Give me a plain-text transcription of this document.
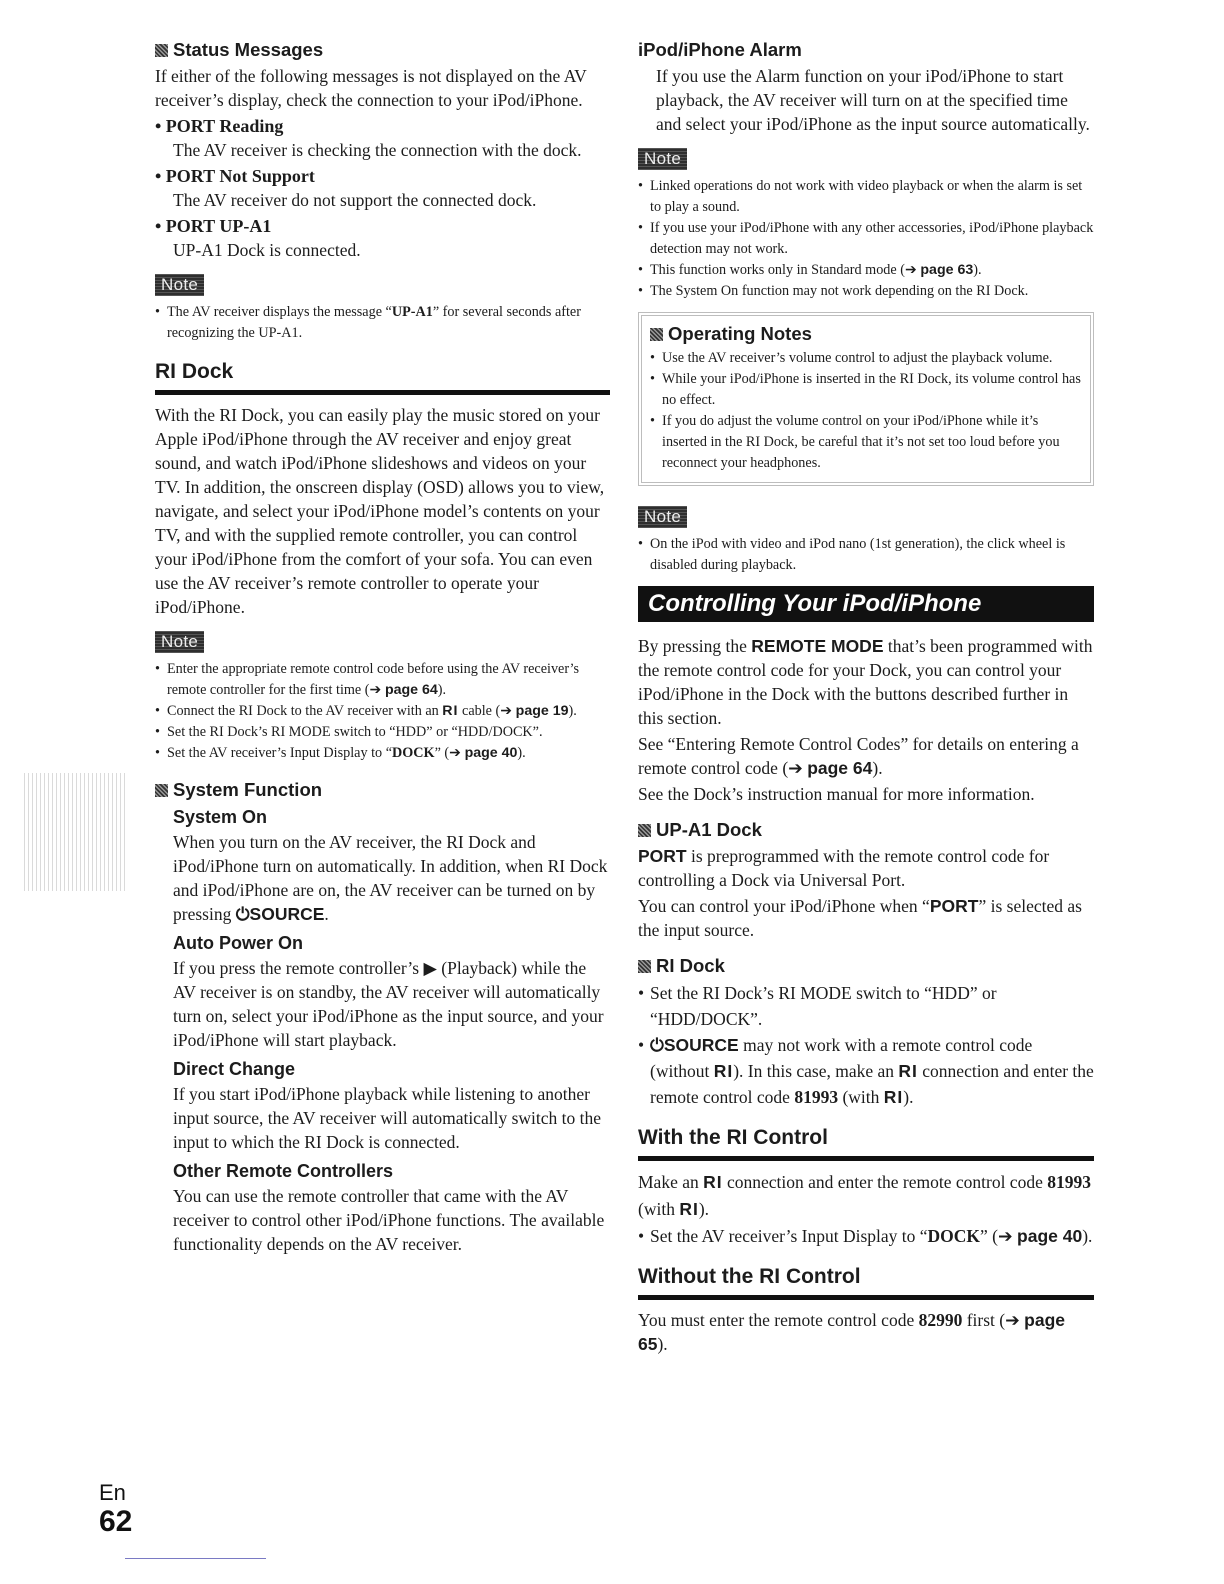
Status Messages

If either of the following messages is not displayed on the AV receiver’s display, check the connection to your iPod/iPhone.

• PORT Reading
The AV receiver is checking the connection with the dock.
• PORT Not Support
The AV receiver do not support the connected dock.
• PORT UP-A1
UP-A1 Dock is connected.
Note
• The AV receiver displays the message “UP-A1” for several seconds after recognizing the UP-A1.
RI Dock

With the RI Dock, you can easily play the music stored on your Apple iPod/iPhone through the AV receiver and enjoy great sound, and watch iPod/iPhone slideshows and videos on your TV. In addition, the onscreen display (OSD) allows you to view, navigate, and select your iPod/iPhone model’s contents on your TV, and with the supplied remote controller, you can control your iPod/iPhone from the comfort of your sofa. You can even use the AV receiver’s remote controller to operate your iPod/iPhone.

Note
• Enter the appropriate remote control code before using the AV receiver’s remote controller for the first time (➔ page 64).
• Connect the RI Dock to the AV receiver with an RI cable (➔ page 19).
• Set the RI Dock’s RI MODE switch to “HDD” or “HDD/DOCK”.
• Set the AV receiver’s Input Display to “DOCK” (➔ page 40).
System Function
System On

When you turn on the AV receiver, the RI Dock and iPod/iPhone turn on automatically. In addition, when RI Dock and iPod/iPhone are on, the AV receiver can be turned on by pressing ⏻SOURCE.

Auto Power On

If you press the remote controller’s ▶ (Playback) while the AV receiver is on standby, the AV receiver will automatically turn on, select your iPod/iPhone as the input source, and your iPod/iPhone will start playback.

Direct Change

If you start iPod/iPhone playback while listening to another input source, the AV receiver will automatically switch to the input to which the RI Dock is connected.

Other Remote Controllers

You can use the remote controller that came with the AV receiver to control other iPod/iPhone functions. The available functionality depends on the AV receiver.

iPod/iPhone Alarm

If you use the Alarm function on your iPod/iPhone to start playback, the AV receiver will turn on at the specified time and select your iPod/iPhone as the input source automatically.

Note
• Linked operations do not work with video playback or when the alarm is set to play a sound.
• If you use your iPod/iPhone with any other accessories, iPod/iPhone playback detection may not work.
• This function works only in Standard mode (➔ page 63).
• The System On function may not work depending on the RI Dock.
Operating Notes
• Use the AV receiver’s volume control to adjust the playback volume.
• While your iPod/iPhone is inserted in the RI Dock, its volume control has no effect.
• If you do adjust the volume control on your iPod/iPhone while it’s inserted in the RI Dock, be careful that it’s not set too loud before you reconnect your headphones.
Note
• On the iPod with video and iPod nano (1st generation), the click wheel is disabled during playback.
Controlling Your iPod/iPhone

By pressing the REMOTE MODE that’s been programmed with the remote control code for your Dock, you can control your iPod/iPhone in the Dock with the buttons described further in this section.

See “Entering Remote Control Codes” for details on entering a remote control code (➔ page 64).

See the Dock’s instruction manual for more information.

UP-A1 Dock

PORT is preprogrammed with the remote control code for controlling a Dock via Universal Port.

You can control your iPod/iPhone when “PORT” is selected as the input source.

RI Dock
• Set the RI Dock’s RI MODE switch to “HDD” or “HDD/DOCK”.
• ⏻SOURCE may not work with a remote control code (without RI). In this case, make an RI connection and enter the remote control code 81993 (with RI).
With the RI Control

Make an RI connection and enter the remote control code 81993 (with RI).

• Set the AV receiver’s Input Display to “DOCK” (➔ page 40).
Without the RI Control

You must enter the remote control code 82990 first (➔ page 65).

En
62
